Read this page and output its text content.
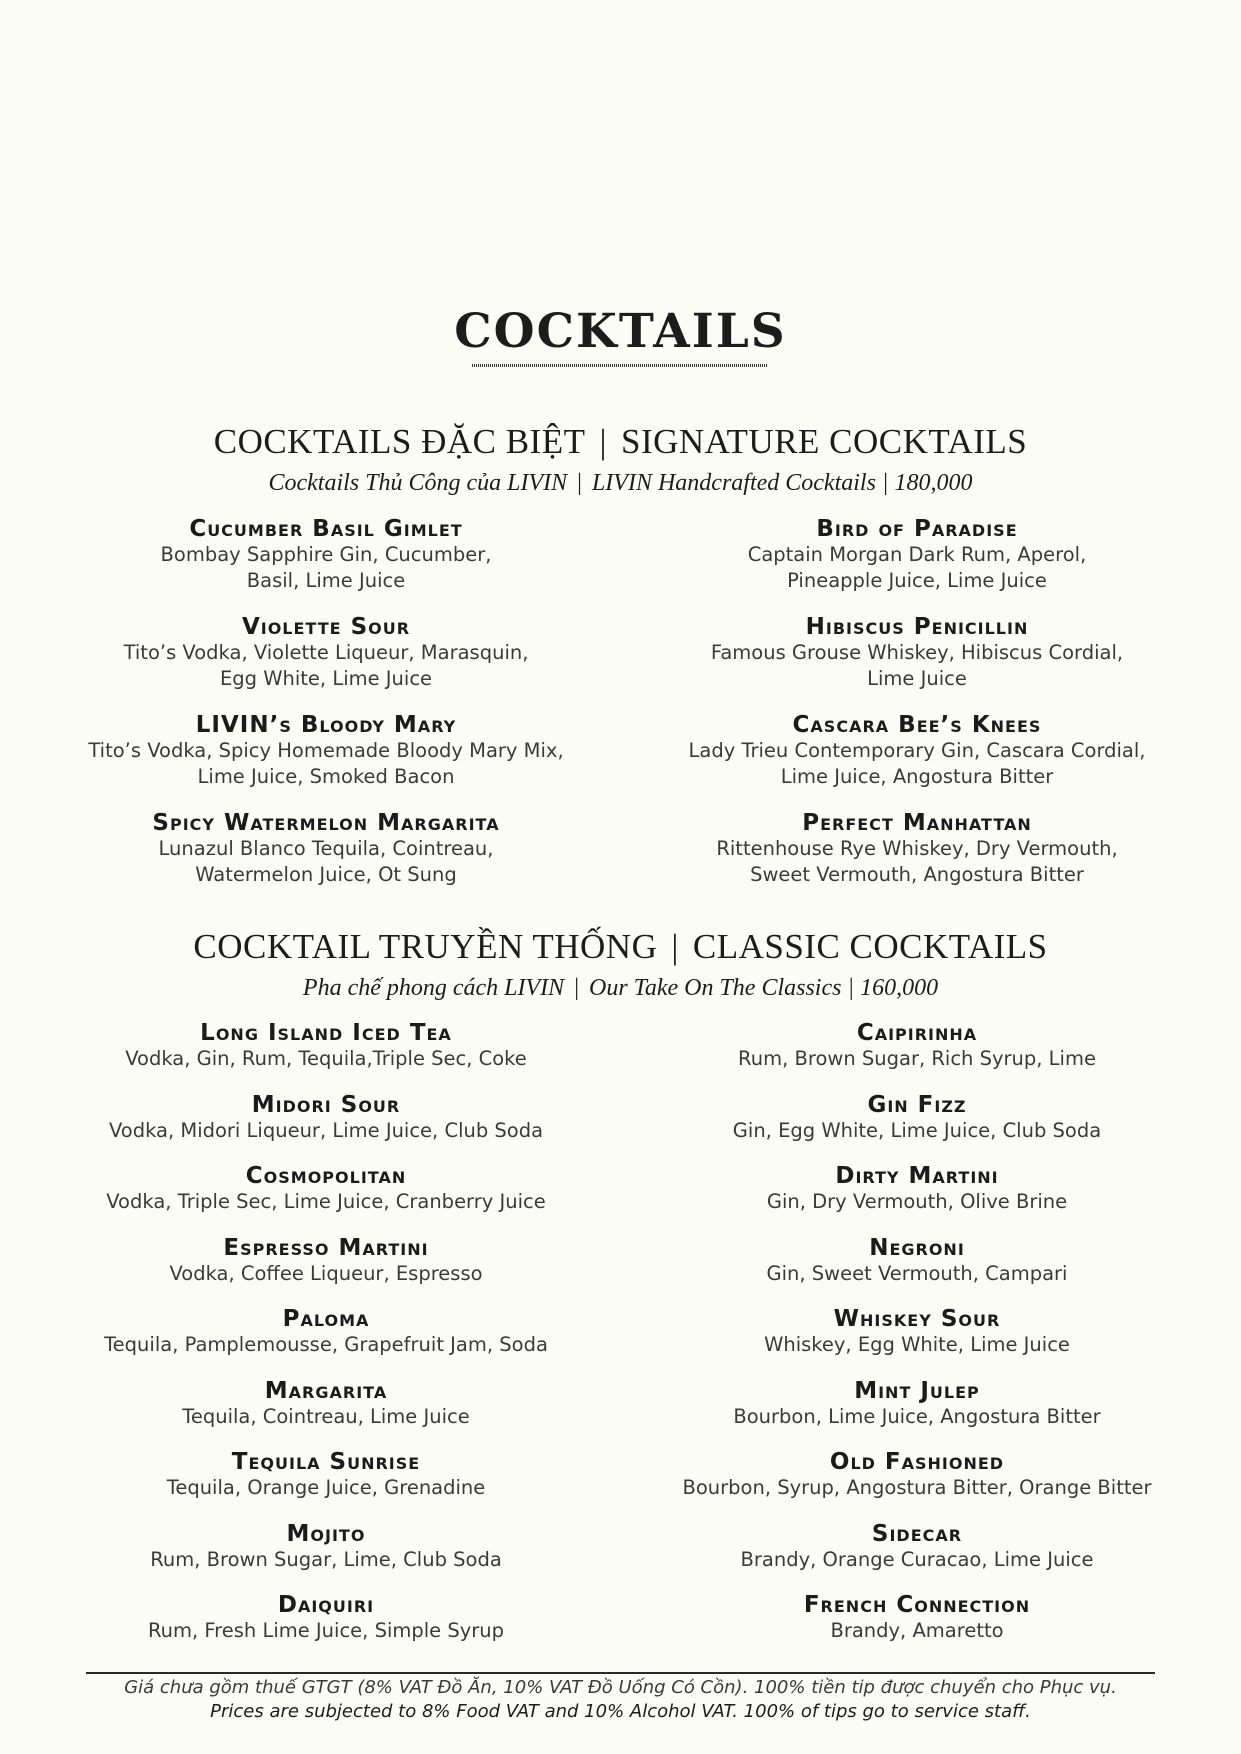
COCKTAILS
COCKTAILS ĐẶC BIỆT | SIGNATURE COCKTAILS
Cocktails Thủ Công của LIVIN | LIVIN Handcrafted Cocktails | 180,000
Cucumber Basil Gimlet
Bombay Sapphire Gin, Cucumber,
Basil, Lime Juice
Violette Sour
Tito’s Vodka, Violette Liqueur, Marasquin,
Egg White, Lime Juice
LIVIN’s Bloody Mary
Tito’s Vodka, Spicy Homemade Bloody Mary Mix,
Lime Juice, Smoked Bacon
Spicy Watermelon Margarita
Lunazul Blanco Tequila, Cointreau,
Watermelon Juice, Ot Sung
Bird of Paradise
Captain Morgan Dark Rum, Aperol,
Pineapple Juice, Lime Juice
Hibiscus Penicillin
Famous Grouse Whiskey, Hibiscus Cordial,
Lime Juice
Cascara Bee’s Knees
Lady Trieu Contemporary Gin, Cascara Cordial,
Lime Juice, Angostura Bitter
Perfect Manhattan
Rittenhouse Rye Whiskey, Dry Vermouth,
Sweet Vermouth, Angostura Bitter
COCKTAIL TRUYỀN THỐNG | CLASSIC COCKTAILS
Pha chế phong cách LIVIN | Our Take On The Classics | 160,000
Long Island Iced Tea
Vodka, Gin, Rum, Tequila,Triple Sec, Coke
Midori Sour
Vodka, Midori Liqueur, Lime Juice, Club Soda
Cosmopolitan
Vodka, Triple Sec, Lime Juice, Cranberry Juice
Espresso Martini
Vodka, Coffee Liqueur, Espresso
Paloma
Tequila, Pamplemousse, Grapefruit Jam, Soda
Margarita
Tequila, Cointreau, Lime Juice
Tequila Sunrise
Tequila, Orange Juice, Grenadine
Mojito
Rum, Brown Sugar, Lime, Club Soda
Daiquiri
Rum, Fresh Lime Juice, Simple Syrup
Caipirinha
Rum, Brown Sugar, Rich Syrup, Lime
Gin Fizz
Gin, Egg White, Lime Juice, Club Soda
Dirty Martini
Gin, Dry Vermouth, Olive Brine
Negroni
Gin, Sweet Vermouth, Campari
Whiskey Sour
Whiskey, Egg White, Lime Juice
Mint Julep
Bourbon, Lime Juice, Angostura Bitter
Old Fashioned
Bourbon, Syrup, Angostura Bitter, Orange Bitter
Sidecar
Brandy, Orange Curacao, Lime Juice
French Connection
Brandy, Amaretto
Giá chưa gồm thuế GTGT (8% VAT Đồ Ăn, 10% VAT Đồ Uống Có Cồn). 100% tiền tip được chuyển cho Phục vụ.
Prices are subjected to 8% Food VAT and 10% Alcohol VAT. 100% of tips go to service staff.
